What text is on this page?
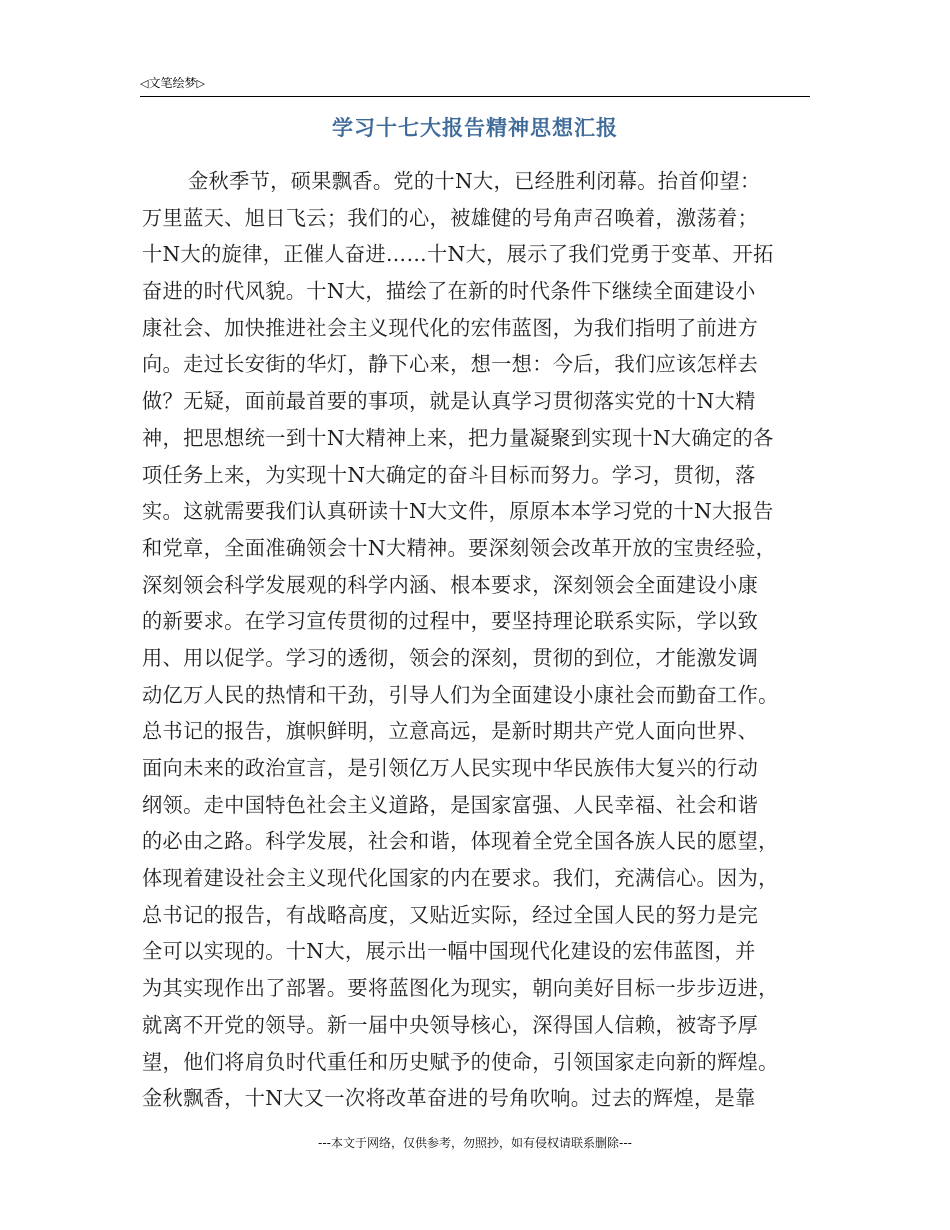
◁文笔绘梦▷
学习十七大报告精神思想汇报
金秋季节，硕果飘香。党的十N大，已经胜利闭幕。抬首仰望：
万里蓝天、旭日飞云；我们的心，被雄健的号角声召唤着，激荡着；
十N大的旋律，正催人奋进……十N大，展示了我们党勇于变革、开拓
奋进的时代风貌。十N大，描绘了在新的时代条件下继续全面建设小
康社会、加快推进社会主义现代化的宏伟蓝图，为我们指明了前进方
向。走过长安街的华灯，静下心来，想一想：今后，我们应该怎样去
做？无疑，面前最首要的事项，就是认真学习贯彻落实党的十N大精
神，把思想统一到十N大精神上来，把力量凝聚到实现十N大确定的各
项任务上来，为实现十N大确定的奋斗目标而努力。学习，贯彻，落
实。这就需要我们认真研读十N大文件，原原本本学习党的十N大报告
和党章，全面准确领会十N大精神。要深刻领会改革开放的宝贵经验，
深刻领会科学发展观的科学内涵、根本要求，深刻领会全面建设小康
的新要求。在学习宣传贯彻的过程中，要坚持理论联系实际，学以致
用、用以促学。学习的透彻，领会的深刻，贯彻的到位，才能激发调
动亿万人民的热情和干劲，引导人们为全面建设小康社会而勤奋工作。
总书记的报告，旗帜鲜明，立意高远，是新时期共产党人面向世界、
面向未来的政治宣言，是引领亿万人民实现中华民族伟大复兴的行动
纲领。走中国特色社会主义道路，是国家富强、人民幸福、社会和谐
的必由之路。科学发展，社会和谐，体现着全党全国各族人民的愿望，
体现着建设社会主义现代化国家的内在要求。我们，充满信心。因为，
总书记的报告，有战略高度，又贴近实际，经过全国人民的努力是完
全可以实现的。十N大，展示出一幅中国现代化建设的宏伟蓝图，并
为其实现作出了部署。要将蓝图化为现实，朝向美好目标一步步迈进，
就离不开党的领导。新一届中央领导核心，深得国人信赖，被寄予厚
望，他们将肩负时代重任和历史赋予的使命，引领国家走向新的辉煌。
金秋飘香，十N大又一次将改革奋进的号角吹响。过去的辉煌，是靠
---本文于网络，仅供参考，勿照抄，如有侵权请联系删除---
